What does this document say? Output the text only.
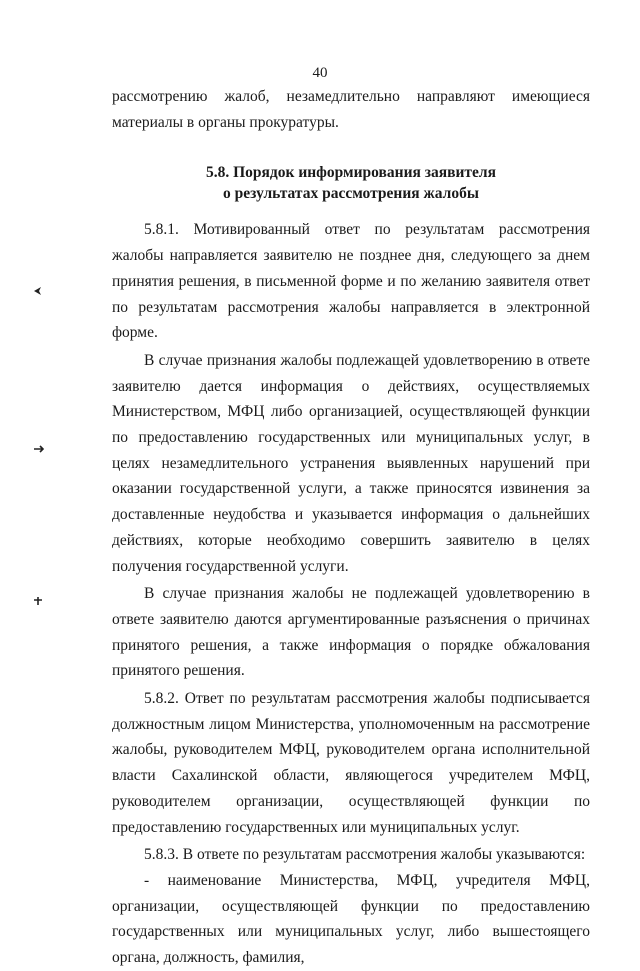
40

рассмотрению жалоб, незамедлительно направляют имеющиеся материалы в органы прокуратуры.

5.8. Порядок информирования заявителя
о результатах рассмотрения жалобы

5.8.1. Мотивированный ответ по результатам рассмотрения жалобы направляется заявителю не позднее дня, следующего за днем принятия решения, в письменной форме и по желанию заявителя ответ по результатам рассмотрения жалобы направляется в электронной форме.

В случае признания жалобы подлежащей удовлетворению в ответе заявителю дается информация о действиях, осуществляемых Министерством, МФЦ либо организацией, осуществляющей функции по предоставлению государственных или муниципальных услуг, в целях незамедлительного устранения выявленных нарушений при оказании государственной услуги, а также приносятся извинения за доставленные неудобства и указывается информация о дальнейших действиях, которые необходимо совершить заявителю в целях получения государственной услуги.

В случае признания жалобы не подлежащей удовлетворению в ответе заявителю даются аргументированные разъяснения о причинах принятого решения, а также информация о порядке обжалования принятого решения.

5.8.2. Ответ по результатам рассмотрения жалобы подписывается должностным лицом Министерства, уполномоченным на рассмотрение жалобы, руководителем МФЦ, руководителем органа исполнительной власти Сахалинской области, являющегося учредителем МФЦ, руководителем организации, осуществляющей функции по предоставлению государственных или муниципальных услуг.

5.8.3. В ответе по результатам рассмотрения жалобы указываются:

- наименование Министерства, МФЦ, учредителя МФЦ, организации, осуществляющей функции по предоставлению государственных или муниципальных услуг, либо вышестоящего органа, должность, фамилия,
